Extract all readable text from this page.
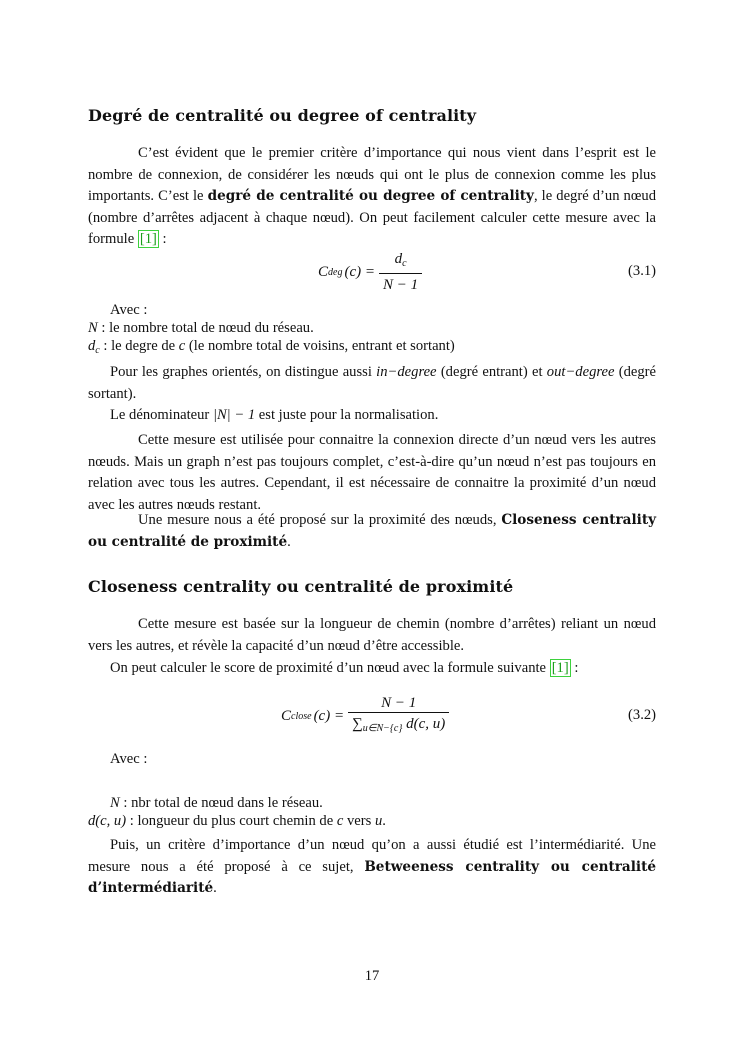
Degré de centralité ou degree of centrality

C’est évident que le premier critère d’importance qui nous vient dans l’esprit est le nombre de connexion, de considérer les nœuds qui ont le plus de connexion comme les plus importants. C’est le degré de centralité ou degree of centrality, le degré d’un nœud (nombre d’arrêtes adjacent à chaque nœud). On peut facilement calculer cette mesure avec la formule [1] :

C deg $(c) = \frac{d_c}{N - 1}$	(3.1)

Avec :

N : le nombre total de nœud du réseau.

$d_c$ : le degre de c (le nombre total de voisins, entrant et sortant)

Pour les graphes orientés, on distingue aussi in−degree (degré entrant) et out−degree (degré sortant).

Le dénominateur |N| − 1 est juste pour la normalisation.

Cette mesure est utilisée pour connaitre la connexion directe d’un nœud vers les autres nœuds. Mais un graph n’est pas toujours complet, c’est-à-dire qu’un nœud n’est pas toujours en relation avec tous les autres. Cependant, il est nécessaire de connaitre la proximité d’un nœud avec les autres nœuds restant.

Une mesure nous a été proposé sur la proximité des nœuds, Closeness centrality ou centralité de proximité.

Closeness centrality ou centralité de proximité

Cette mesure est basée sur la longueur de chemin (nombre d’arrêtes) reliant un nœud vers les autres, et révèle la capacité d’un nœud d’être accessible.

On peut calculer le score de proximité d’un nœud avec la formule suivante [1] :

C close $(c) = \frac{N - 1}{\sum_{u\in N-\{c\}} d(c, u)}$	(3.2)

Avec :

N : nbr total de nœud dans le réseau.

d(c, u) : longueur du plus court chemin de c vers u.

Puis, un critère d’importance d’un nœud qu’on a aussi étudié est l’intermédiarité. Une mesure nous a été proposé à ce sujet, Betweeness centrality ou centralité d’intermédiarité.

17
